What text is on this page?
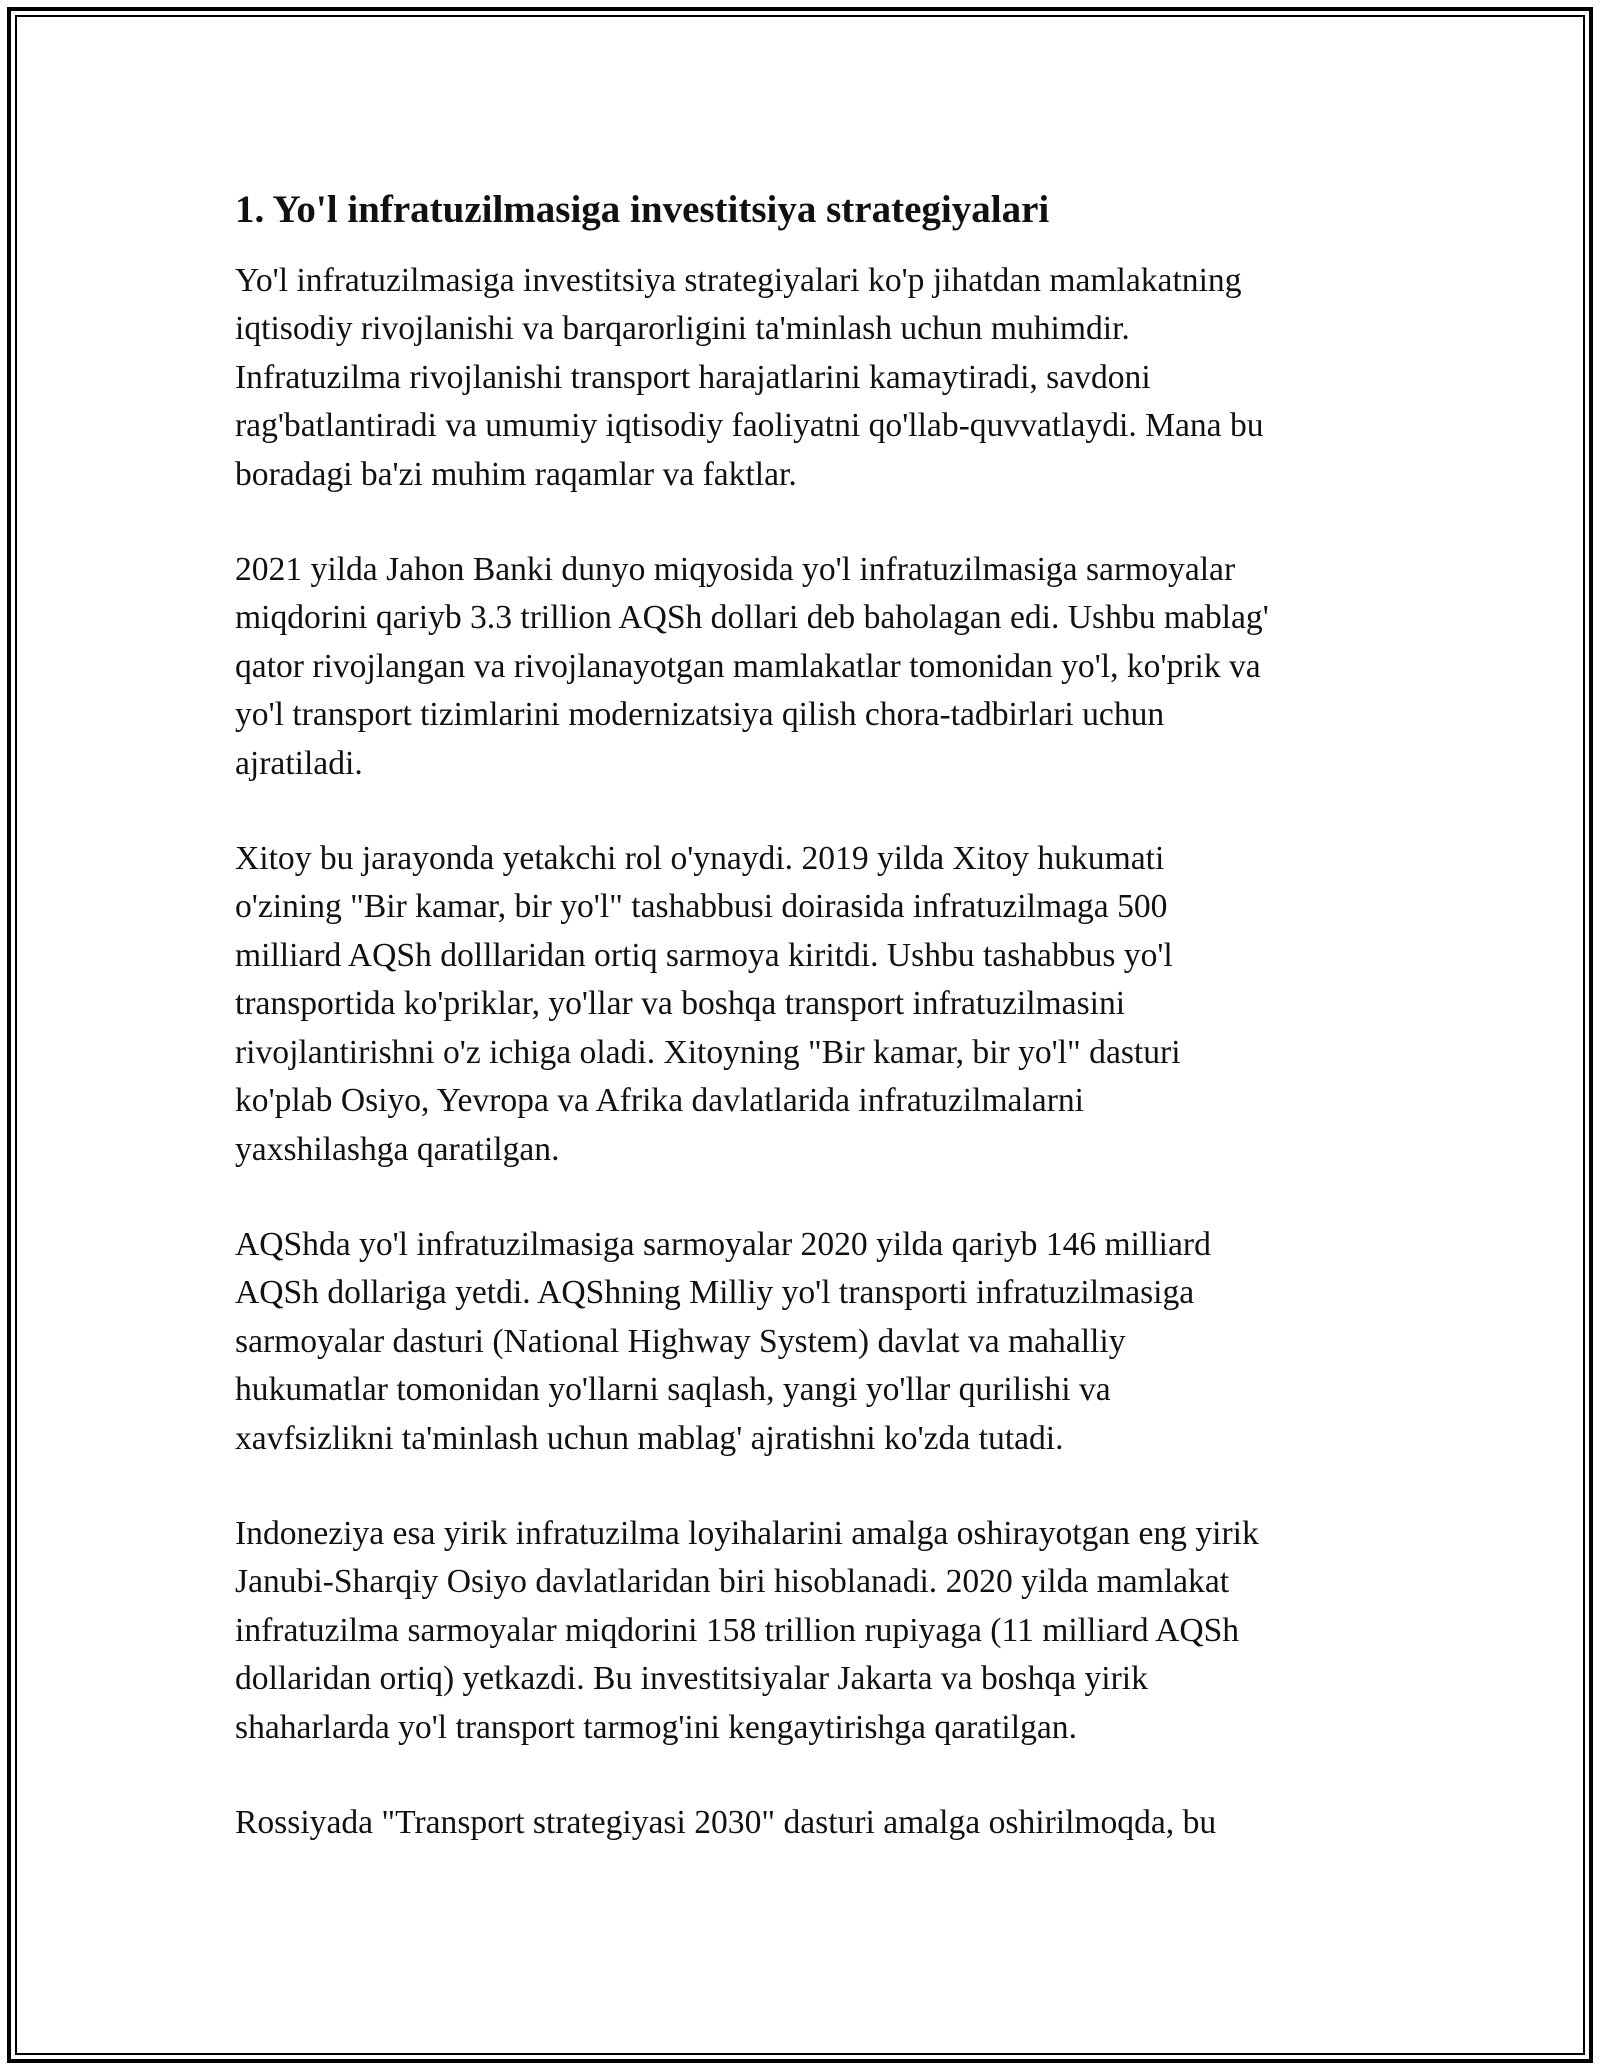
1. Yo'l infratuzilmasiga investitsiya strategiyalari

Yo'l infratuzilmasiga investitsiya strategiyalari ko'p jihatdan mamlakatning
iqtisodiy rivojlanishi va barqarorligini ta'minlash uchun muhimdir.
Infratuzilma rivojlanishi transport harajatlarini kamaytiradi, savdoni
rag'batlantiradi va umumiy iqtisodiy faoliyatni qo'llab-quvvatlaydi. Mana bu
boradagi ba'zi muhim raqamlar va faktlar.

2021 yilda Jahon Banki dunyo miqyosida yo'l infratuzilmasiga sarmoyalar
miqdorini qariyb 3.3 trillion AQSh dollari deb baholagan edi. Ushbu mablag'
qator rivojlangan va rivojlanayotgan mamlakatlar tomonidan yo'l, ko'prik va
yo'l transport tizimlarini modernizatsiya qilish chora-tadbirlari uchun
ajratiladi.

Xitoy bu jarayonda yetakchi rol o'ynaydi. 2019 yilda Xitoy hukumati
o'zining "Bir kamar, bir yo'l" tashabbusi doirasida infratuzilmaga 500
milliard AQSh dolllaridan ortiq sarmoya kiritdi. Ushbu tashabbus yo'l
transportida ko'priklar, yo'llar va boshqa transport infratuzilmasini
rivojlantirishni o'z ichiga oladi. Xitoyning "Bir kamar, bir yo'l" dasturi
ko'plab Osiyo, Yevropa va Afrika davlatlarida infratuzilmalarni
yaxshilashga qaratilgan.

AQShda yo'l infratuzilmasiga sarmoyalar 2020 yilda qariyb 146 milliard
AQSh dollariga yetdi. AQShning Milliy yo'l transporti infratuzilmasiga
sarmoyalar dasturi (National Highway System) davlat va mahalliy
hukumatlar tomonidan yo'llarni saqlash, yangi yo'llar qurilishi va
xavfsizlikni ta'minlash uchun mablag' ajratishni ko'zda tutadi.

Indoneziya esa yirik infratuzilma loyihalarini amalga oshirayotgan eng yirik
Janubi-Sharqiy Osiyo davlatlaridan biri hisoblanadi. 2020 yilda mamlakat
infratuzilma sarmoyalar miqdorini 158 trillion rupiyaga (11 milliard AQSh
dollaridan ortiq) yetkazdi. Bu investitsiyalar Jakarta va boshqa yirik
shaharlarda yo'l transport tarmog'ini kengaytirishga qaratilgan.

Rossiyada "Transport strategiyasi 2030" dasturi amalga oshirilmoqda, bu
